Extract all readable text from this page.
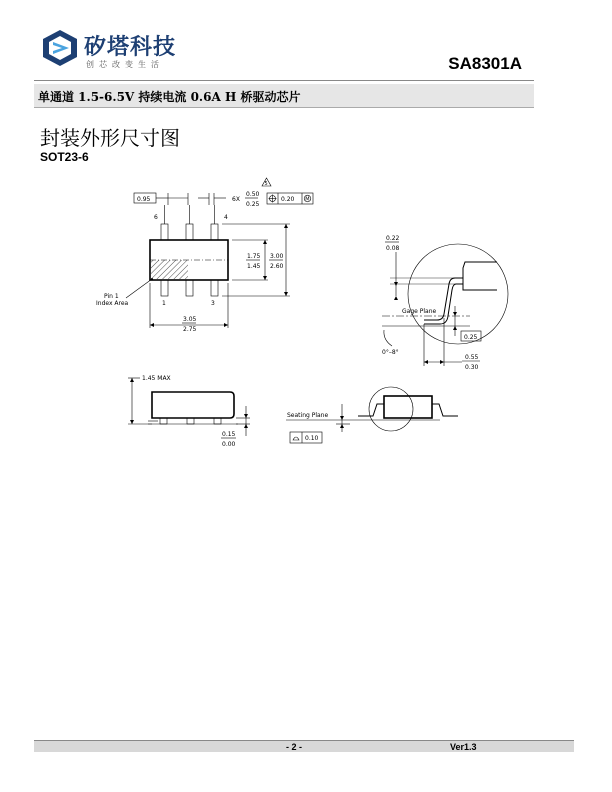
矽塔科技
创芯改变生活	SA8301A
单通道 1.5-6.5V 持续电流 0.6A H 桥驱动芯片
封装外形尺寸图
SOT23-6
0.95	6X
0.50
0.25
5
0.20 M
6	4
1	3
Pin 1
Index Area
1.75
1.45
3.00
2.60
3.05
2.75
0.22
0.08
Gage Plane
0.25
0°–8°
0.55
0.30
1.45 MAX
0.15
0.00
Seating Plane
0.10
- 2 -	Ver1.3
